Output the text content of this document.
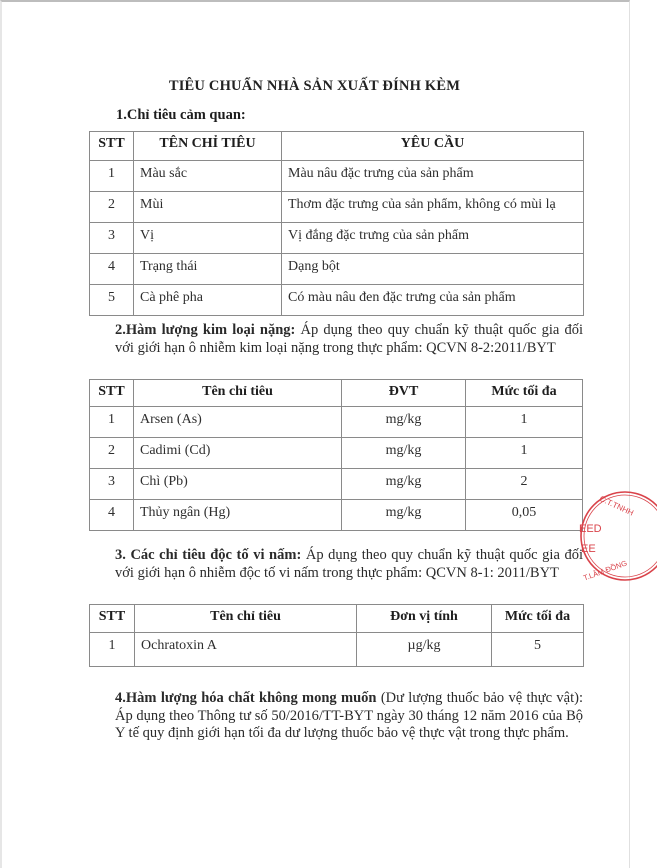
TIÊU CHUẨN NHÀ SẢN XUẤT ĐÍNH KÈM
1.Chỉ tiêu cảm quan:
STT	TÊN CHỈ TIÊU	YÊU CẦU
1	Màu sắc	Màu nâu đặc trưng của sản phẩm
2	Mùi	Thơm đặc trưng của sản phẩm, không có mùi lạ
3	Vị	Vị đắng đặc trưng của sản phẩm
4	Trạng thái	Dạng bột
5	Cà phê pha	Có màu nâu đen đặc trưng của sản phẩm
2.Hàm lượng kim loại nặng: Áp dụng theo quy chuẩn kỹ thuật quốc gia đối với giới hạn ô nhiễm kim loại nặng trong thực phẩm: QCVN 8-2:2011/BYT
STT	Tên chỉ tiêu	ĐVT	Mức tối đa
1	Arsen (As)	mg/kg	1
2	Cadimi (Cd)	mg/kg	1
3	Chì (Pb)	mg/kg	2
4	Thủy ngân (Hg)	mg/kg	0,05
3. Các chỉ tiêu độc tố vi nấm: Áp dụng theo quy chuẩn kỹ thuật quốc gia đối với giới hạn ô nhiễm độc tố vi nấm trong thực phẩm: QCVN 8-1: 2011/BYT
STT	Tên chỉ tiêu	Đơn vị tính	Mức tối đa
1	Ochratoxin A	µg/kg	5
4.Hàm lượng hóa chất không mong muốn (Dư lượng thuốc bảo vệ thực vật): Áp dụng theo Thông tư số 50/2016/TT-BYT ngày 30 tháng 12 năm 2016 của Bộ Y tế quy định giới hạn tối đa dư lượng thuốc bảo vệ thực vật trong thực phẩm.
C.T.TNHH
EED
EE
T.LÂM ĐỒNG
